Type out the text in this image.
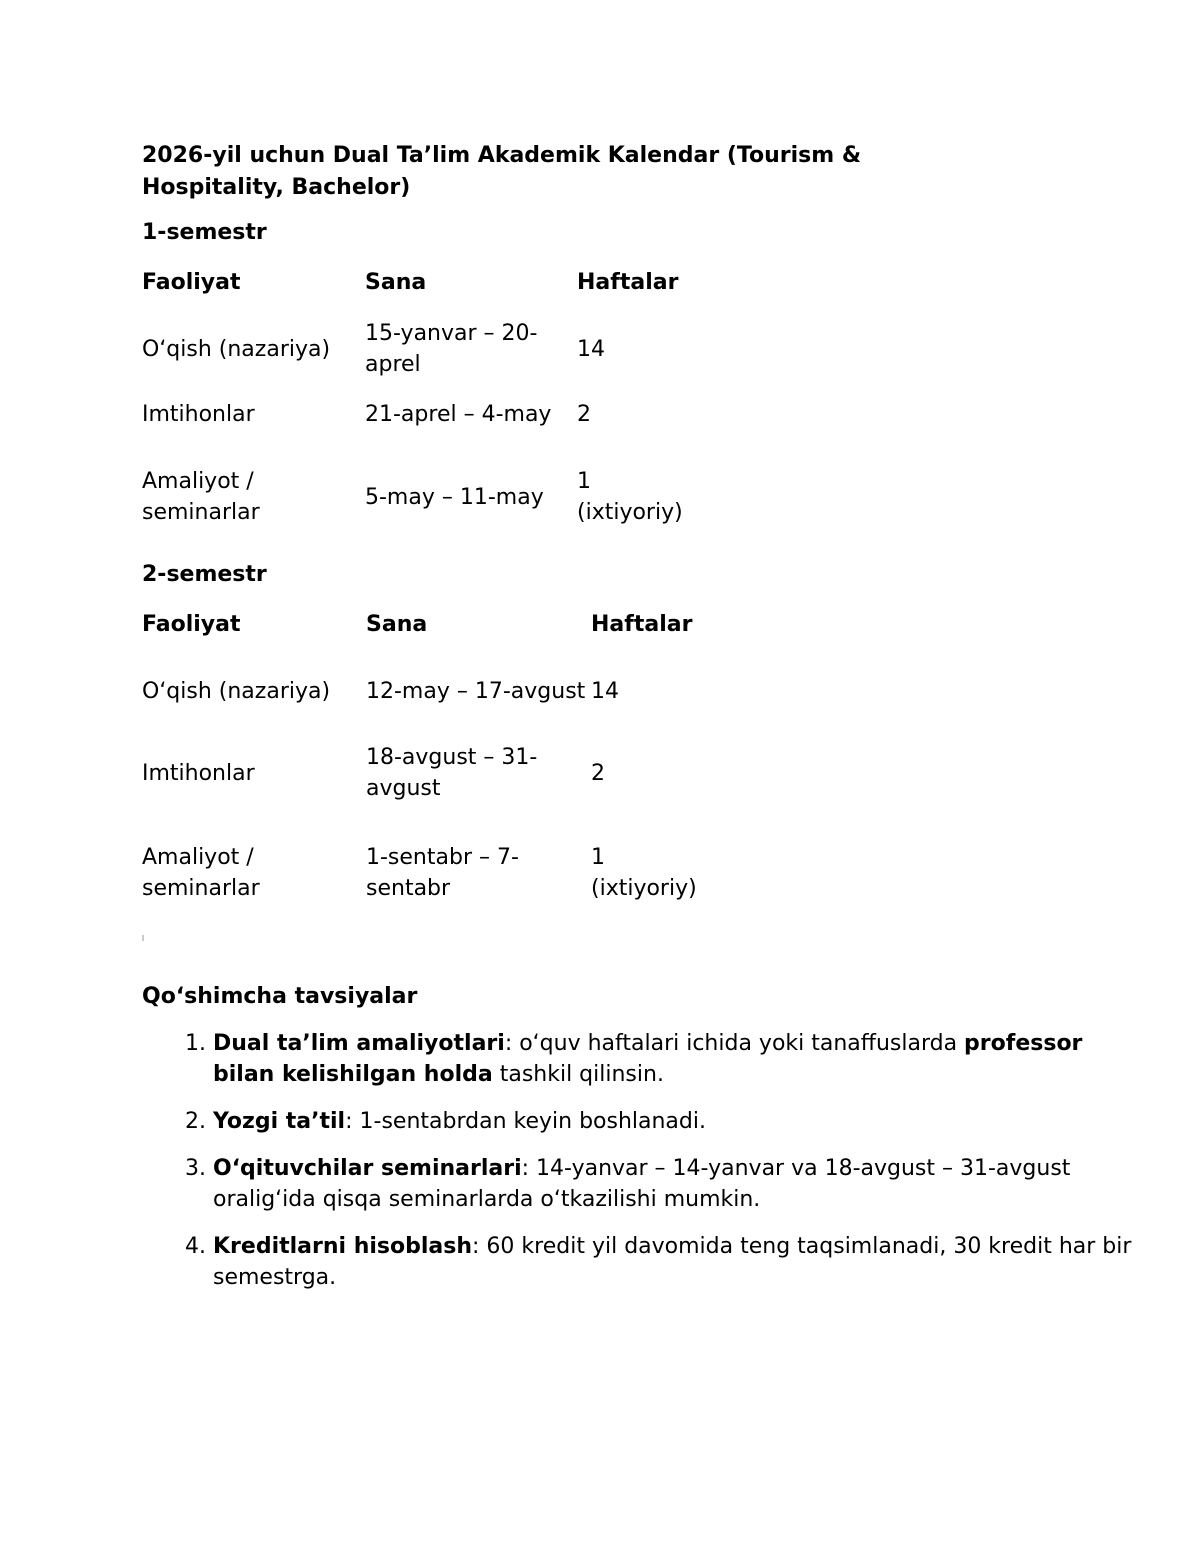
2026-yil uchun Dual Ta’lim Akademik Kalendar (Tourism & Hospitality, Bachelor)
1-semestr
Faoliyat	Sana	Haftalar
O‘qish (nazariya)	15-yanvar – 20-aprel	14
Imtihonlar	21-aprel – 4-may	2
Amaliyot / seminarlar	5-may – 11-may	1 (ixtiyoriy)
2-semestr
Faoliyat	Sana	Haftalar
O‘qish (nazariya)	12-may – 17-avgust	14
Imtihonlar	18-avgust – 31-avgust	2
Amaliyot / seminarlar	1-sentabr – 7-sentabr	1 (ixtiyoriy)
Qo‘shimcha tavsiyalar
1. Dual ta’lim amaliyotlari: o‘quv haftalari ichida yoki tanaffuslarda professor bilan kelishilgan holda tashkil qilinsin.
2. Yozgi ta’til: 1-sentabrdan keyin boshlanadi.
3. O‘qituvchilar seminarlari: 14-yanvar – 14-yanvar va 18-avgust – 31-avgust oralig‘ida qisqa seminarlarda o‘tkazilishi mumkin.
4. Kreditlarni hisoblash: 60 kredit yil davomida teng taqsimlanadi, 30 kredit har bir semestrga.
